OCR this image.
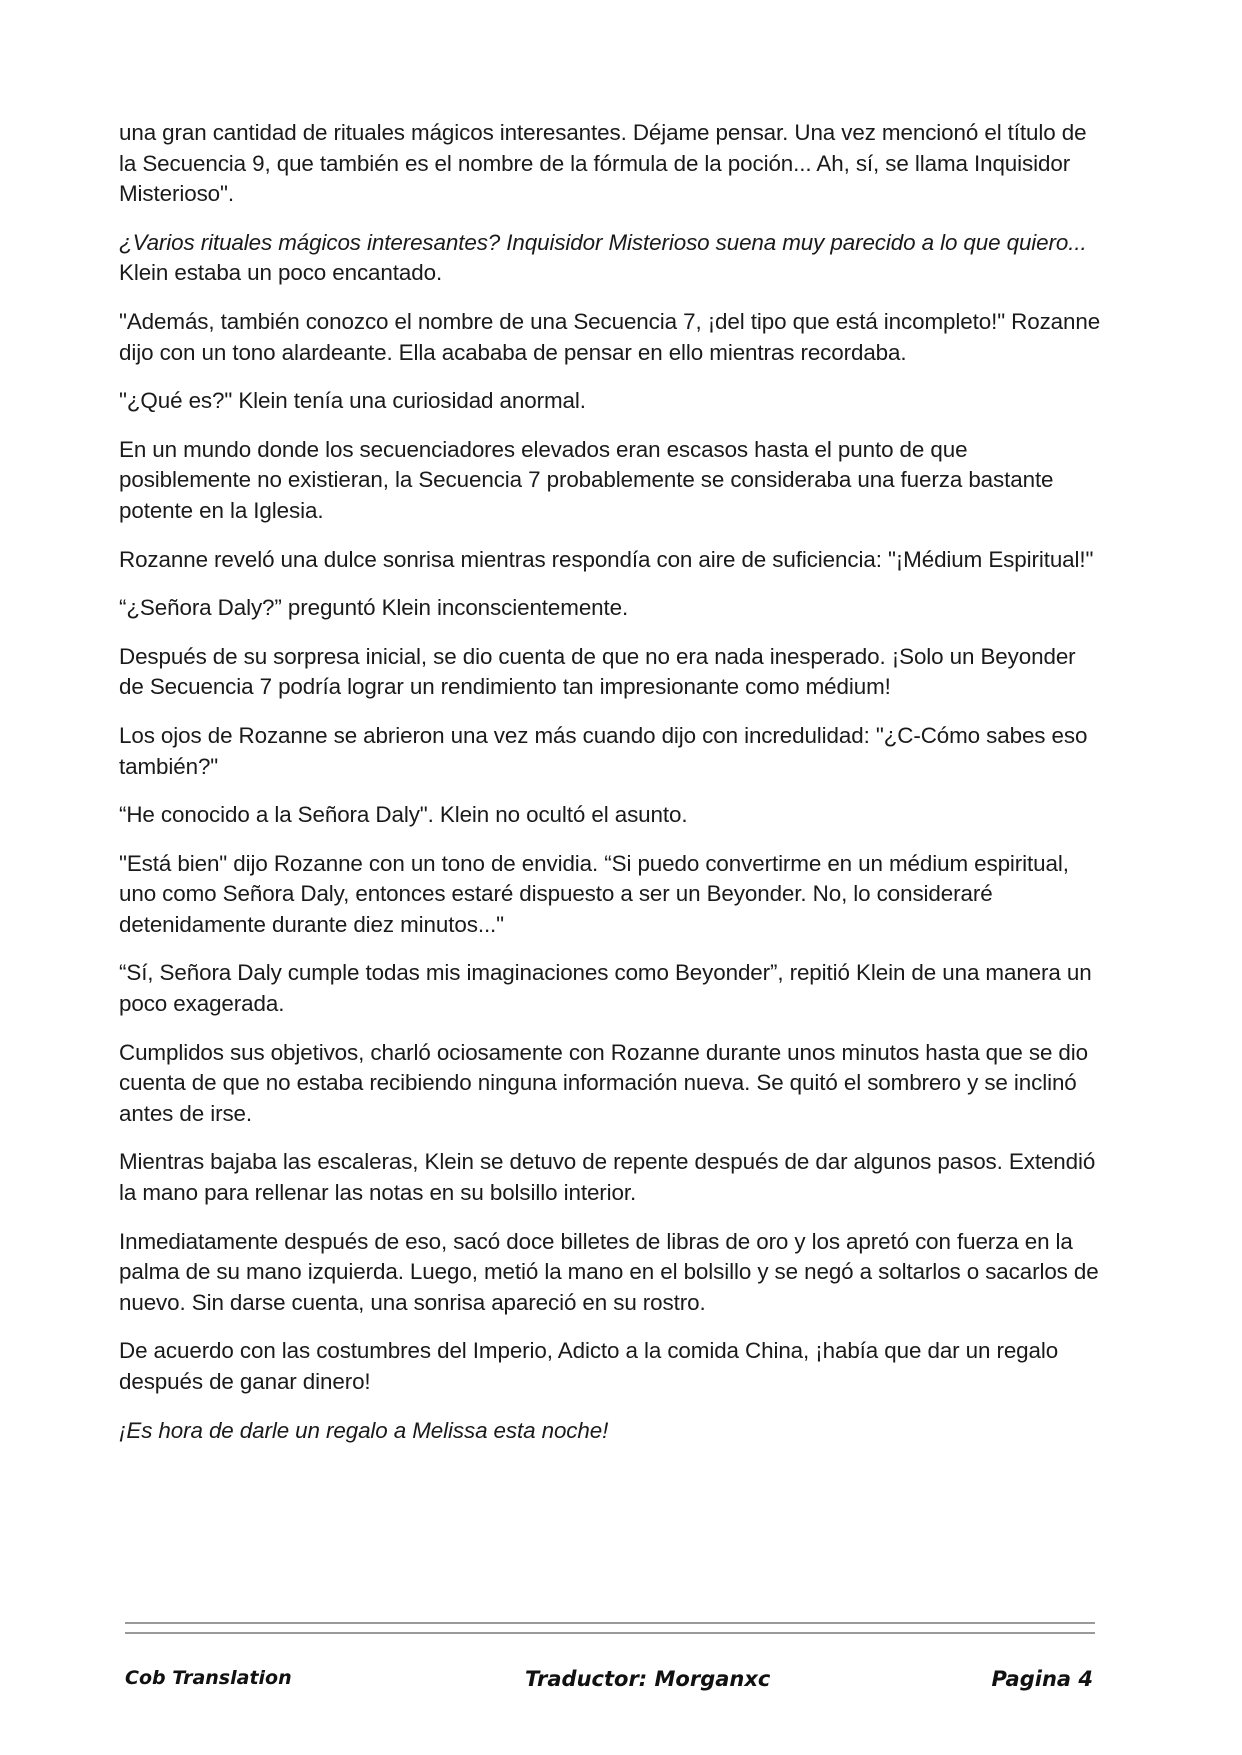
una gran cantidad de rituales mágicos interesantes. Déjame pensar. Una vez mencionó el título de la Secuencia 9, que también es el nombre de la fórmula de la poción... Ah, sí, se llama Inquisidor Misterioso".

¿Varios rituales mágicos interesantes? Inquisidor Misterioso suena muy parecido a lo que quiero... Klein estaba un poco encantado.

"Además, también conozco el nombre de una Secuencia 7, ¡del tipo que está incompleto!" Rozanne dijo con un tono alardeante. Ella acababa de pensar en ello mientras recordaba.

"¿Qué es?" Klein tenía una curiosidad anormal.

En un mundo donde los secuenciadores elevados eran escasos hasta el punto de que posiblemente no existieran, la Secuencia 7 probablemente se consideraba una fuerza bastante potente en la Iglesia.

Rozanne reveló una dulce sonrisa mientras respondía con aire de suficiencia: "¡Médium Espiritual!"

“¿Señora Daly?” preguntó Klein inconscientemente.

Después de su sorpresa inicial, se dio cuenta de que no era nada inesperado. ¡Solo un Beyonder de Secuencia 7 podría lograr un rendimiento tan impresionante como médium!

Los ojos de Rozanne se abrieron una vez más cuando dijo con incredulidad: "¿C-Cómo sabes eso también?"

“He conocido a la Señora Daly". Klein no ocultó el asunto.

"Está bien" dijo Rozanne con un tono de envidia. “Si puedo convertirme en un médium espiritual, uno como Señora Daly, entonces estaré dispuesto a ser un Beyonder. No, lo consideraré detenidamente durante diez minutos..."

“Sí, Señora Daly cumple todas mis imaginaciones como Beyonder”, repitió Klein de una manera un poco exagerada.

Cumplidos sus objetivos, charló ociosamente con Rozanne durante unos minutos hasta que se dio cuenta de que no estaba recibiendo ninguna información nueva. Se quitó el sombrero y se inclinó antes de irse.

Mientras bajaba las escaleras, Klein se detuvo de repente después de dar algunos pasos. Extendió la mano para rellenar las notas en su bolsillo interior.

Inmediatamente después de eso, sacó doce billetes de libras de oro y los apretó con fuerza en la palma de su mano izquierda. Luego, metió la mano en el bolsillo y se negó a soltarlos o sacarlos de nuevo. Sin darse cuenta, una sonrisa apareció en su rostro.

De acuerdo con las costumbres del Imperio, Adicto a la comida China, ¡había que dar un regalo después de ganar dinero!

¡Es hora de darle un regalo a Melissa esta noche!

Cob Translation	Traductor: Morganxc	Pagina 4
